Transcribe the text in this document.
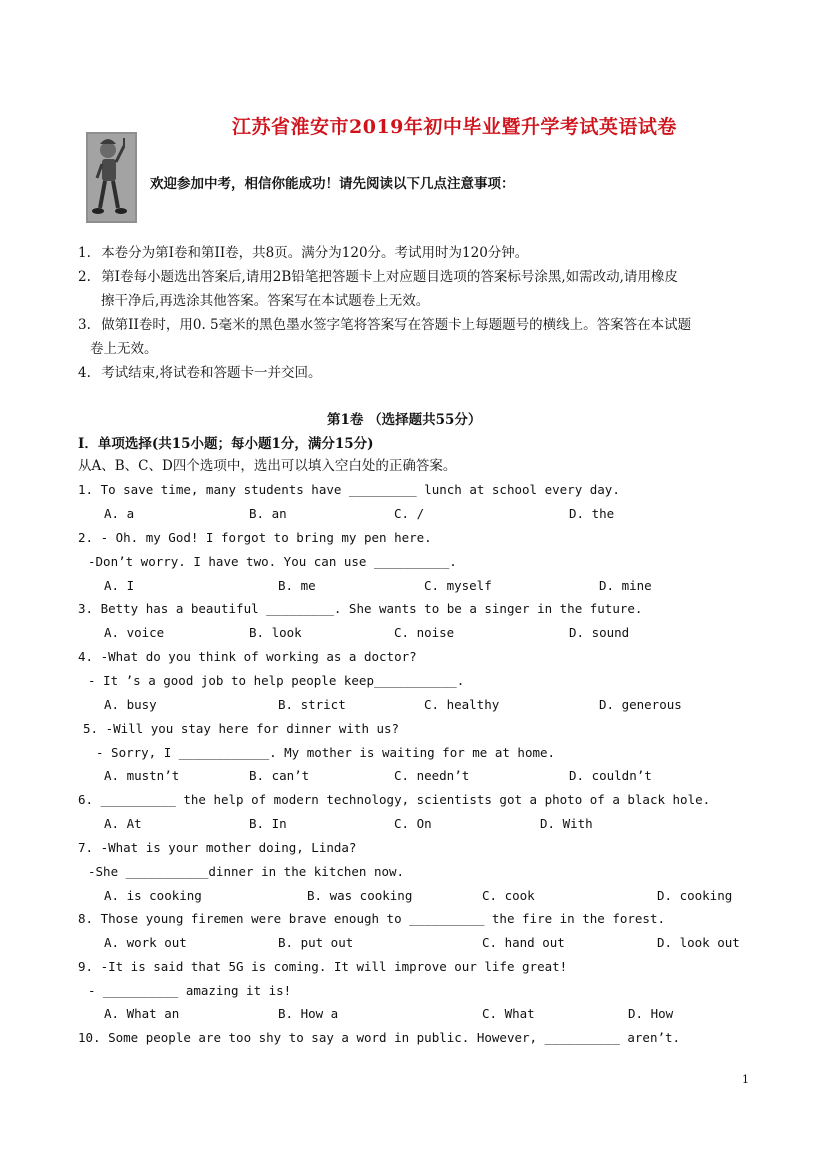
江苏省淮安市2019年初中毕业暨升学考试英语试卷
欢迎参加中考，相信你能成功！请先阅读以下几点注意事项：
1. 本卷分为第Ⅰ卷和第II卷，共8页。满分为120分。考试用时为120分钟。
2. 第Ⅰ卷每小题选出答案后,请用2B铅笔把答题卡上对应题目选项的答案标号涂黑,如需改动,请用橡皮
擦干净后,再选涂其他答案。答案写在本试题卷上无效。
3. 做第II卷时，用0. 5毫米的黑色墨水签字笔将答案写在答题卡上每题题号的横线上。答案答在本试题
卷上无效。
4. 考试结束,将试卷和答题卡一并交回。
第1卷 （选择题共55分）
Ⅰ．单项选择(共15小题；每小题1分，满分15分)
从A、B、C、D四个选项中，选出可以填入空白处的正确答案。
1. To save time, many students have _________ lunch at school every day.
A. a	B. an	C. /	D. the
2. - Oh. my God! I forgot to bring my pen here.
-Don’t worry. I have two. You can use __________.
A. I	B. me	C. myself	D. mine
3. Betty has a beautiful _________. She wants to be a singer in the future.
A. voice	B. look	C. noise	D. sound
4. -What do you think of working as a doctor?
- It ’s a good job to help people keep___________.
A. busy	B. strict	C. healthy	D. generous
5. -Will you stay here for dinner with us?
- Sorry, I ____________. My mother is waiting for me at home.
A. mustn’t	B. can’t	C. needn’t	D. couldn’t
6. __________ the help of modern technology, scientists got a photo of a black hole.
A. At	B. In	C. On	D. With
7. -What is your mother doing, Linda?
-She ___________dinner in the kitchen now.
A. is cooking	B. was cooking	C. cook	D. cooking
8. Those young firemen were brave enough to __________ the fire in the forest.
A. work out	B. put out	C. hand out	D. look out
9. -It is said that 5G is coming. It will improve our life great!
- __________ amazing it is!
A. What an	B. How a	C. What	D. How
10. Some people are too shy to say a word in public. However, __________ aren’t.
1
